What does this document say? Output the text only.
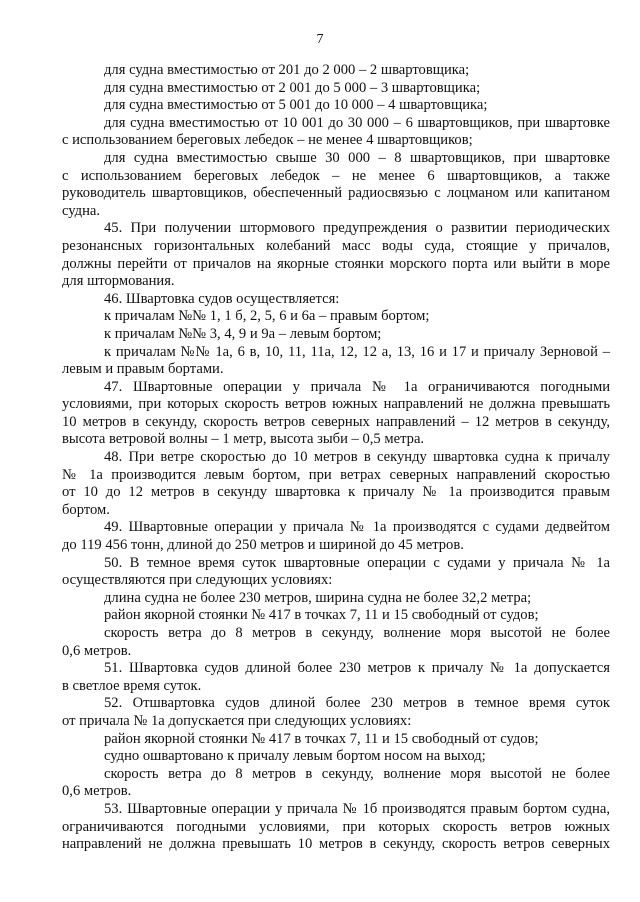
7
для судна вместимостью от 201 до 2 000 – 2 швартовщика;
для судна вместимостью от 2 001 до 5 000 – 3 швартовщика;
для судна вместимостью от 5 001 до 10 000 – 4 швартовщика;
для судна вместимостью от 10 001 до 30 000 – 6 швартовщиков, при швартовке
с использованием береговых лебедок – не менее 4 швартовщиков;
для судна вместимостью свыше 30 000 – 8 швартовщиков, при швартовке
с использованием береговых лебедок – не менее 6 швартовщиков, а также
руководитель швартовщиков, обеспеченный радиосвязью с лоцманом или капитаном
судна.
45. При получении штормового предупреждения о развитии периодических
резонансных горизонтальных колебаний масс воды суда, стоящие у причалов,
должны перейти от причалов на якорные стоянки морского порта или выйти в море
для штормования.
46. Швартовка судов осуществляется:
к причалам №№ 1, 1 б, 2, 5, 6 и 6а – правым бортом;
к причалам №№ 3, 4, 9 и 9а – левым бортом;
к причалам №№ 1а, 6 в, 10, 11, 11а, 12, 12 а, 13, 16 и 17 и причалу Зерновой –
левым и правым бортами.
47. Швартовные операции у причала № 1а ограничиваются погодными
условиями, при которых скорость ветров южных направлений не должна превышать
10 метров в секунду, скорость ветров северных направлений – 12 метров в секунду,
высота ветровой волны – 1 метр, высота зыби – 0,5 метра.
48. При ветре скоростью до 10 метров в секунду швартовка судна к причалу
№ 1а производится левым бортом, при ветрах северных направлений скоростью
от 10 до 12 метров в секунду швартовка к причалу № 1а производится правым
бортом.
49. Швартовные операции у причала № 1а производятся с судами дедвейтом
до 119 456 тонн, длиной до 250 метров и шириной до 45 метров.
50. В темное время суток швартовные операции с судами у причала № 1а
осуществляются при следующих условиях:
длина судна не более 230 метров, ширина судна не более 32,2 метра;
район якорной стоянки № 417 в точках 7, 11 и 15 свободный от судов;
скорость ветра до 8 метров в секунду, волнение моря высотой не более
0,6 метров.
51. Швартовка судов длиной более 230 метров к причалу № 1а допускается
в светлое время суток.
52. Отшвартовка судов длиной более 230 метров в темное время суток
от причала № 1а допускается при следующих условиях:
район якорной стоянки № 417 в точках 7, 11 и 15 свободный от судов;
судно ошвартовано к причалу левым бортом носом на выход;
скорость ветра до 8 метров в секунду, волнение моря высотой не более
0,6 метров.
53. Швартовные операции у причала № 1б производятся правым бортом судна,
ограничиваются погодными условиями, при которых скорость ветров южных
направлений не должна превышать 10 метров в секунду, скорость ветров северных
